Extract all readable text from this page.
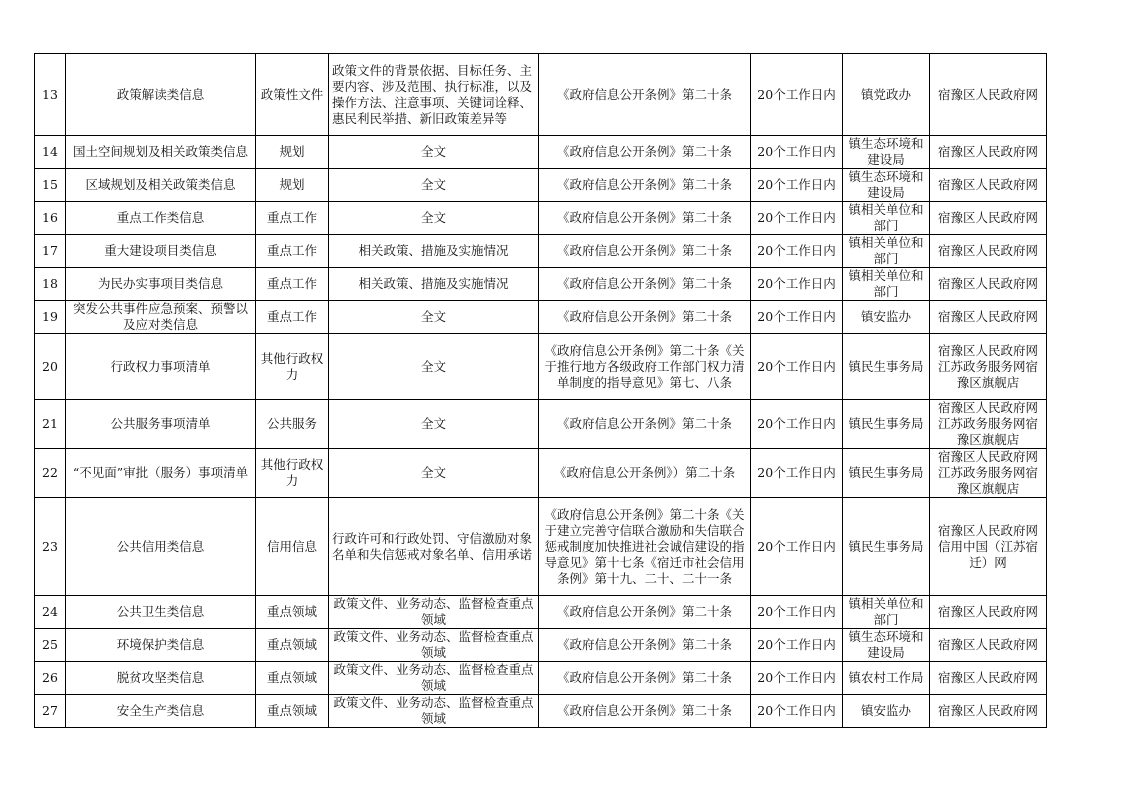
13	政策解读类信息	政策性文件	政策文件的背景依据、目标任务、主要内容、涉及范围、执行标准，以及操作方法、注意事项、关键词诠释、惠民利民举措、新旧政策差异等	《政府信息公开条例》第二十条	20个工作日内	镇党政办	宿豫区人民政府网
14	国土空间规划及相关政策类信息	规划	全文	《政府信息公开条例》第二十条	20个工作日内	镇生态环境和建设局	宿豫区人民政府网
15	区域规划及相关政策类信息	规划	全文	《政府信息公开条例》第二十条	20个工作日内	镇生态环境和建设局	宿豫区人民政府网
16	重点工作类信息	重点工作	全文	《政府信息公开条例》第二十条	20个工作日内	镇相关单位和部门	宿豫区人民政府网
17	重大建设项目类信息	重点工作	相关政策、措施及实施情况	《政府信息公开条例》第二十条	20个工作日内	镇相关单位和部门	宿豫区人民政府网
18	为民办实事项目类信息	重点工作	相关政策、措施及实施情况	《政府信息公开条例》第二十条	20个工作日内	镇相关单位和部门	宿豫区人民政府网
19	突发公共事件应急预案、预警以及应对类信息	重点工作	全文	《政府信息公开条例》第二十条	20个工作日内	镇安监办	宿豫区人民政府网
20	行政权力事项清单	其他行政权力	全文	《政府信息公开条例》第二十条《关于推行地方各级政府工作部门权力清单制度的指导意见》第七、八条	20个工作日内	镇民生事务局	宿豫区人民政府网江苏政务服务网宿豫区旗舰店
21	公共服务事项清单	公共服务	全文	《政府信息公开条例》第二十条	20个工作日内	镇民生事务局	宿豫区人民政府网江苏政务服务网宿豫区旗舰店
22	“不见面”审批（服务）事项清单	其他行政权力	全文	《政府信息公开条例》）第二十条	20个工作日内	镇民生事务局	宿豫区人民政府网江苏政务服务网宿豫区旗舰店
23	公共信用类信息	信用信息	行政许可和行政处罚、守信激励对象名单和失信惩戒对象名单、信用承诺	《政府信息公开条例》第二十条《关于建立完善守信联合激励和失信联合惩戒制度加快推进社会诚信建设的指导意见》第十七条《宿迁市社会信用条例》第十九、二十、二十一条	20个工作日内	镇民生事务局	宿豫区人民政府网信用中国（江苏宿迁）网
24	公共卫生类信息	重点领域	政策文件、业务动态、监督检查重点领域	《政府信息公开条例》第二十条	20个工作日内	镇相关单位和部门	宿豫区人民政府网
25	环境保护类信息	重点领域	政策文件、业务动态、监督检查重点领域	《政府信息公开条例》第二十条	20个工作日内	镇生态环境和建设局	宿豫区人民政府网
26	脱贫攻坚类信息	重点领域	政策文件、业务动态、监督检查重点领域	《政府信息公开条例》第二十条	20个工作日内	镇农村工作局	宿豫区人民政府网
27	安全生产类信息	重点领域	政策文件、业务动态、监督检查重点领域	《政府信息公开条例》第二十条	20个工作日内	镇安监办	宿豫区人民政府网
